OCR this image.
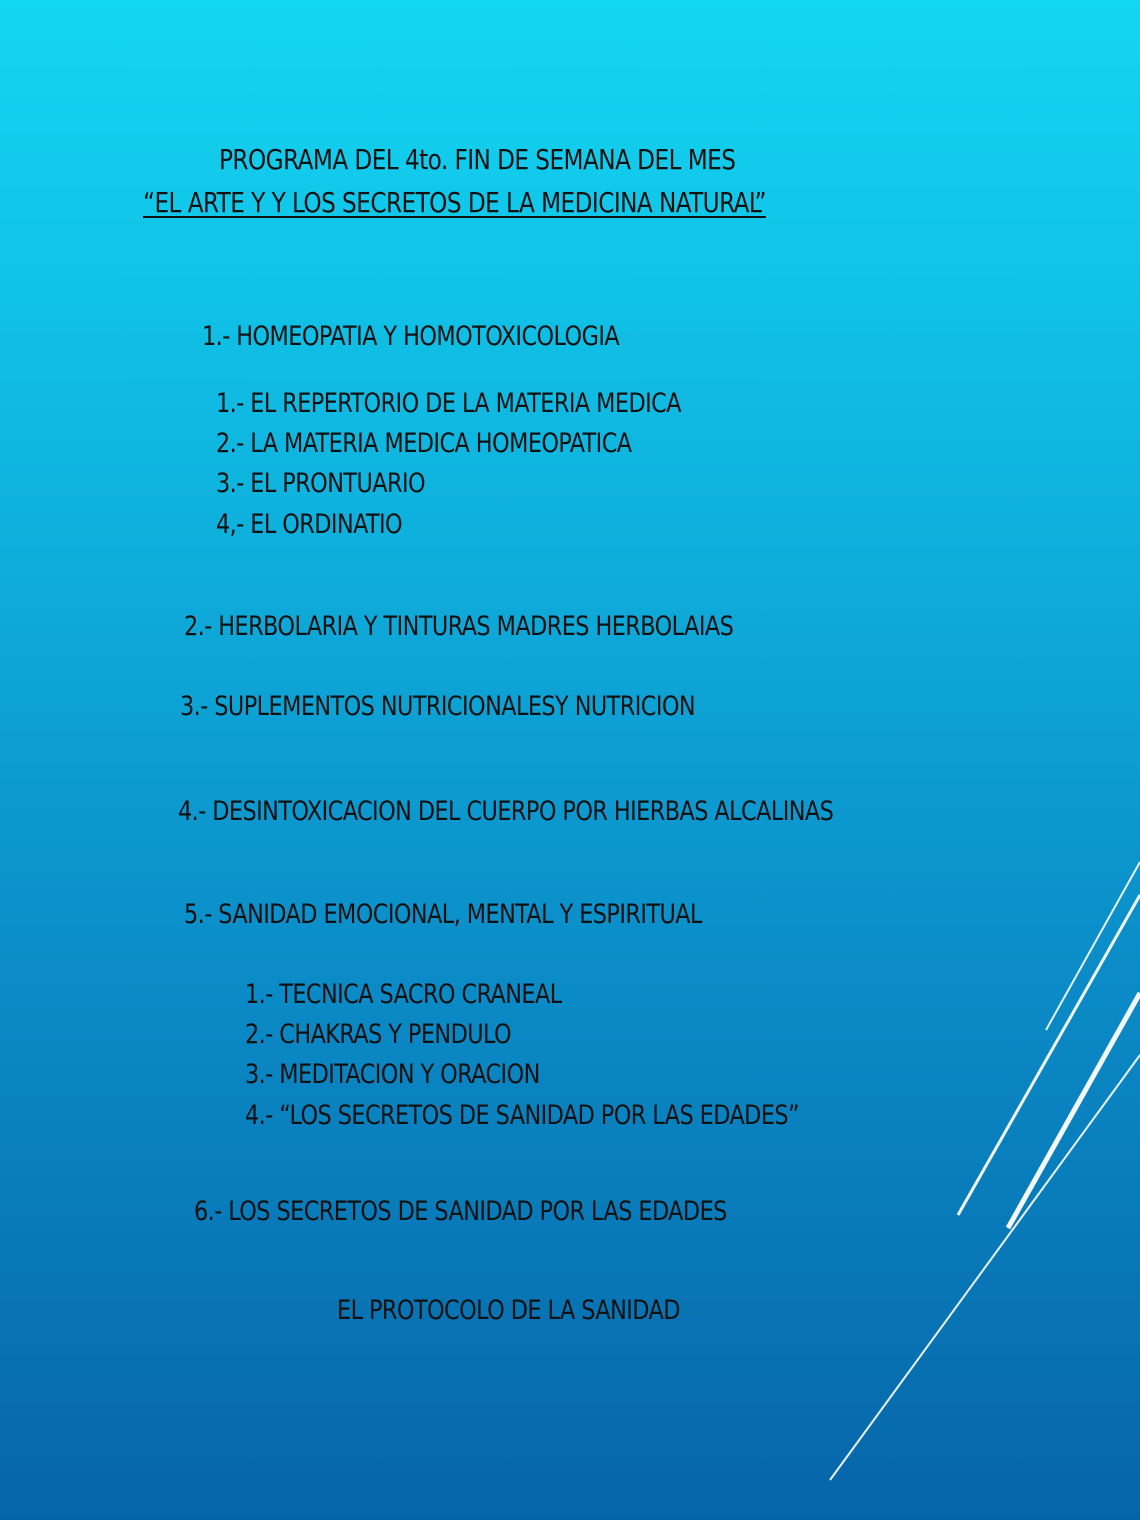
PROGRAMA DEL 4to. FIN DE SEMANA DEL MES
“EL ARTE Y Y LOS SECRETOS DE LA MEDICINA NATURAL”
1.- HOMEOPATIA Y HOMOTOXICOLOGIA
1.- EL REPERTORIO DE LA MATERIA MEDICA
2.- LA MATERIA MEDICA HOMEOPATICA
3.- EL PRONTUARIO
4,- EL ORDINATIO
2.- HERBOLARIA Y TINTURAS MADRES HERBOLAIAS
3.- SUPLEMENTOS NUTRICIONALESY NUTRICION
4.- DESINTOXICACION DEL CUERPO POR HIERBAS ALCALINAS
5.- SANIDAD EMOCIONAL, MENTAL Y ESPIRITUAL
1.- TECNICA SACRO CRANEAL
2.- CHAKRAS Y PENDULO
3.- MEDITACION Y ORACION
4.- “LOS SECRETOS DE SANIDAD POR LAS EDADES”
6.- LOS SECRETOS DE SANIDAD POR LAS EDADES
EL PROTOCOLO DE LA SANIDAD
